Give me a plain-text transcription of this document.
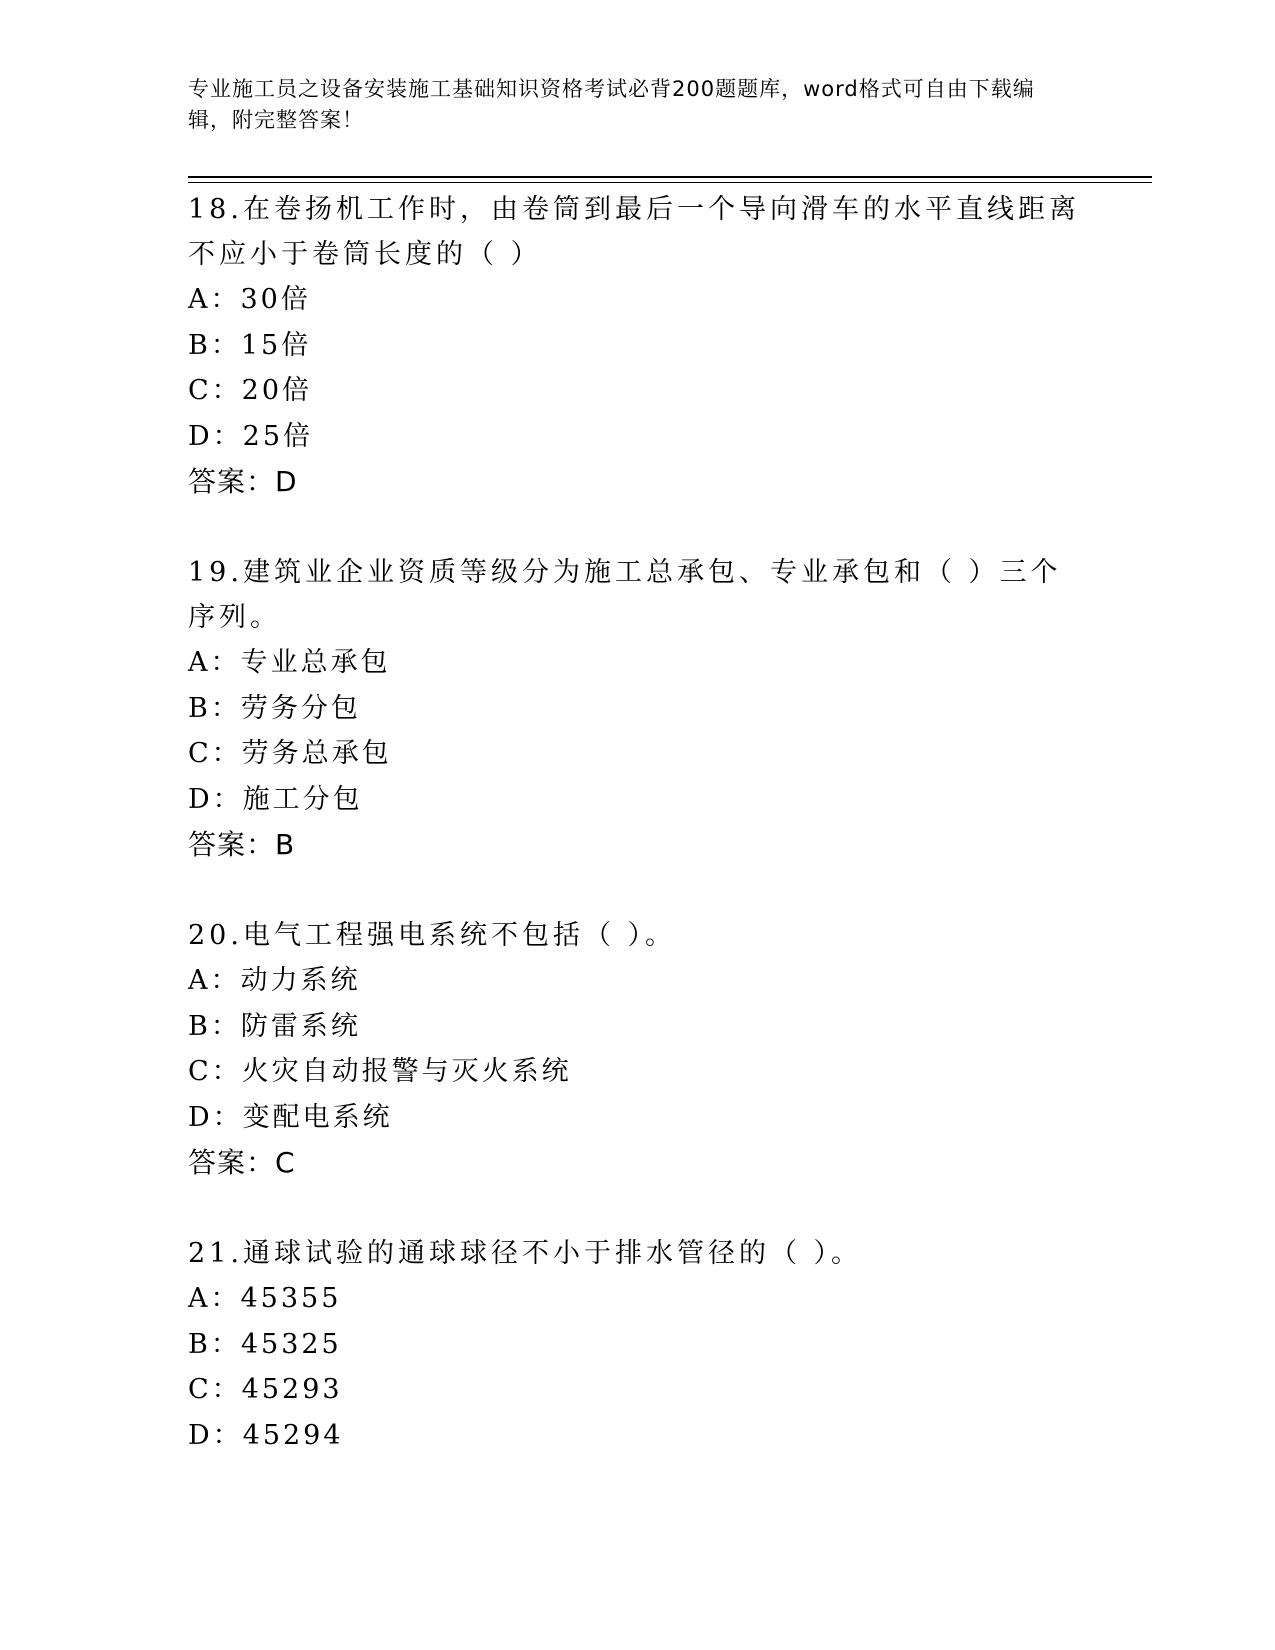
专业施工员之设备安装施工基础知识资格考试必背200题题库，word格式可自由下载编辑，附完整答案！

18.在卷扬机工作时，由卷筒到最后一个导向滑车的水平直线距离不应小于卷筒长度的（ ）

A：30倍

B：15倍

C：20倍

D：25倍

答案：D

19.建筑业企业资质等级分为施工总承包、专业承包和（ ）三个序列。

A：专业总承包

B：劳务分包

C：劳务总承包

D：施工分包

答案：B

20.电气工程强电系统不包括（ ）。

A：动力系统

B：防雷系统

C：火灾自动报警与灭火系统

D：变配电系统

答案：C

21.通球试验的通球球径不小于排水管径的（ ）。

A：45355

B：45325

C：45293

D：45294
